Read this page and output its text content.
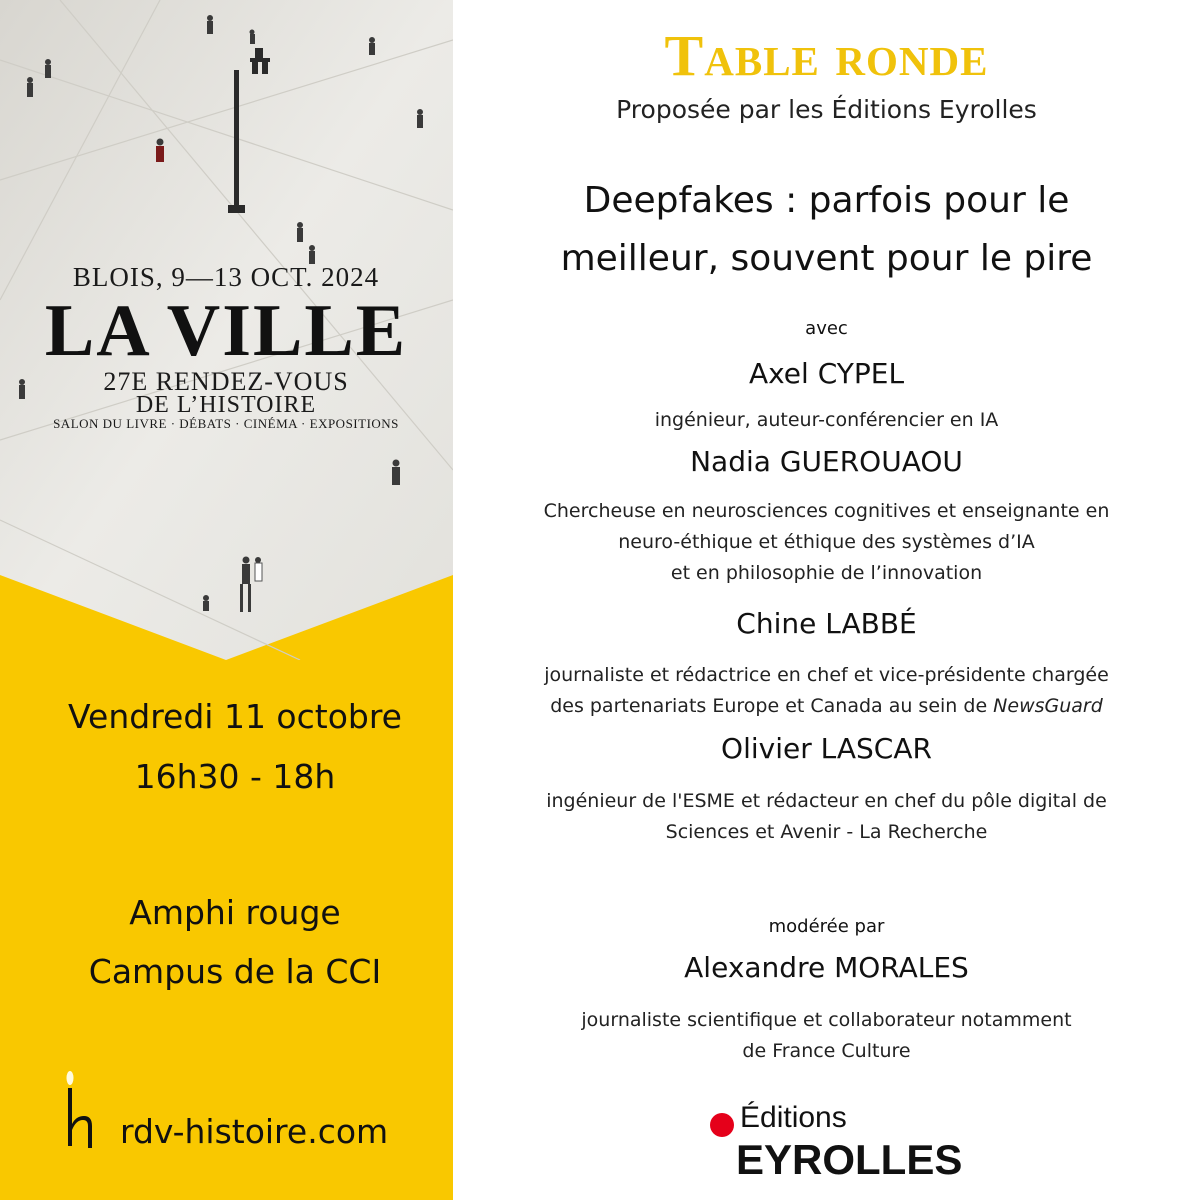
BLOIS, 9—13 OCT. 2024
LA VILLE
27E RENDEZ-VOUS
DE L’HISTOIRE
SALON DU LIVRE · DÉBATS · CINÉMA · EXPOSITIONS
Vendredi 11 octobre
16h30 - 18h
Amphi rouge
Campus de la CCI
rdv-histoire.com
Table ronde
Proposée par les Éditions Eyrolles
Deepfakes : parfois pour le
meilleur, souvent pour le pire
avec
Axel CYPEL
ingénieur, auteur-conférencier en IA
Nadia GUEROUAOU
Chercheuse en neurosciences cognitives et enseignante en
neuro-éthique et éthique des systèmes d’IA
et en philosophie de l’innovation
Chine LABBÉ
journaliste et rédactrice en chef et vice-présidente chargée
des partenariats Europe et Canada au sein de NewsGuard
Olivier LASCAR
ingénieur de l'ESME et rédacteur en chef du pôle digital de
Sciences et Avenir - La Recherche
modérée par
Alexandre MORALES
journaliste scientifique et collaborateur notamment
de France Culture
Éditions
EYROLLES
